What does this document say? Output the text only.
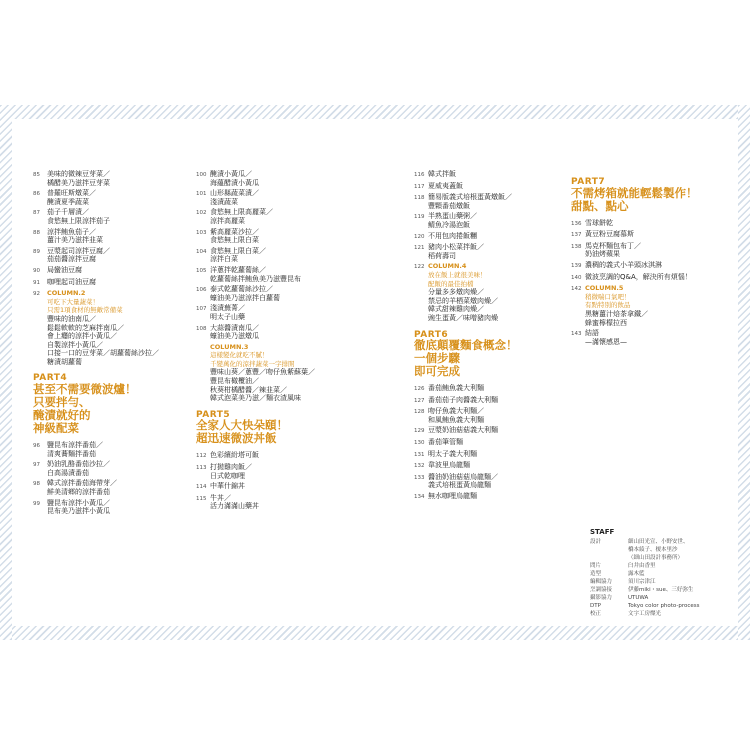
85	美味的微辣豆芽菜／
橘醋美乃滋拌豆芽菜
86	普羅旺斯燉菜／
醃漬夏季蔬菜
87	茄子千層漬／
食慾無上限涼拌茄子
88	涼拌鮪魚茄子／
薑汁美乃滋拌韭菜
89	豆漿起司涼拌豆腐／
茄茄醬涼拌豆腐
90	局蠻油豆腐
91	咖哩起司油豆腐
92	COLUMN.2
可吃下大量蔬菜！
只需1項食材的無敵常備菜
豐味的油南瓜／
鬆鬆軟軟的芝麻拌南瓜／
會上癮的涼拌小黃瓜／
自製涼拌小黃瓜／
口接一口的豆芽菜／胡蘿蔔絲沙拉／
糖漬胡蘿蔔
PART4
甚至不需要微波爐！
只要拌勻、
醃漬就好的
神級配菜
96	鹽昆布涼拌番茄／
清爽蕎麵拌番茄
97	奶油乳酪番茄沙拉／
白高湯漬番茄
98	韓式涼拌番茄海帶芽／
鮮美清鄉的涼拌番茄
99	鹽昆布涼拌小黃瓜／
昆布美乃滋拌小黃瓜
100 醃漬小黃瓜／
海蘊醋漬小黃瓜
101 山形縣蔬菜漬／
淺漬蔬菜
102 食慾無上限高麗菜／
涼拌高麗菜
103 紫高麗菜沙拉／
食慾無上限白菜
104 食慾無上限白菜／
涼拌白菜
105 洋蔥拌乾蘿蔔絲／
乾蘿蔔絲拌鮪魚美乃滋豐昆布
106 泰式乾蘿蔔絲沙拉／
蠔油美乃滋涼拌白蘿蔔
107 淺漬蕪菁／
明太子山藥
108 大蒜醬漬南瓜／
蠔油美乃滋燉瓜
COLUMN.3
這樣變化就吃不膩！
千變萬化的涼拌蔬菜一字排開
豐味山葵／蔥豐／吻仔魚紫蘇葉／
豐昆布橄欖油／
秋葵柑橘醋醬／辣韭菜／
韓式泡菜美乃滋／麵衣渣風味
PART5
全家人大快朵頤！
超迅速微波丼飯
112 色彩繽紛塔可飯
113 打拋雞肉飯／
日式乾咖哩
114 中華什錦丼
115 牛丼／
活力滿滿山藥丼
116 韓式拌飯
117 夏威夷蓋飯
118 簡易版義式培根蛋黃燉飯／
豐顆番茄燉飯
119 半熟蛋山藥粥／
鯖魚冷湯泡飯
120 不用包肉捲飯糰
121 豬肉小松菜拌飯／
稻荷壽司
122 COLUMN.4
放在飯上就很美味！
配飯的最佳拍檔
分量多多燉肉燥／
禁忌的羊栖菜燉肉燥／
韓式甜辣雞肉燥／
豌生蛋黃／味噌豬肉燥
PART6
徹底顛覆麵食概念！
一個步驟
即可完成
126 番茄鮪魚義大利麵
127 番茄茄子肉醬義大利麵
128 吻仔魚義大利麵／
和風鮪魚義大利麵
129 豆漿奶油菇菇義大利麵
130 番茄筆管麵
131 明太子義大利麵
132 韋波里烏龍麵
133 醬油奶油菇菇烏龍麵／
義式培根蛋黃烏龍麵
134 無水咖哩烏龍麵
PART7
不需烤箱就能輕鬆製作！
甜點、點心
136 雪球餅乾
137 黃豆粉豆腐慕斯
138 馬克杯麵包布丁／
奶油烤蘋果
139 濃稠的義式小羊頭冰淇淋
140 微波烹調的Q&A，解決所有煩惱！
142 COLUMN.5
稍微喘口氣吧！
有點特別的飲品
黑糖薑汁焙茶拿鐵／
蜂蜜檸檬拉西
143 結語
—滿懷感恩—
STAFF
設計	細山田光宣、小野安世、
橋本綾子、榎本里沙
（細山田設計事務所）
問片	臼井由香里
造型	露木藍
編輯協力	須川宗津江
烹調協接	伊藤miki・sue、三好弥生
攝影協力	UTUWA
DTP	Tokyo color photo-process
校正	文字工房燦光
